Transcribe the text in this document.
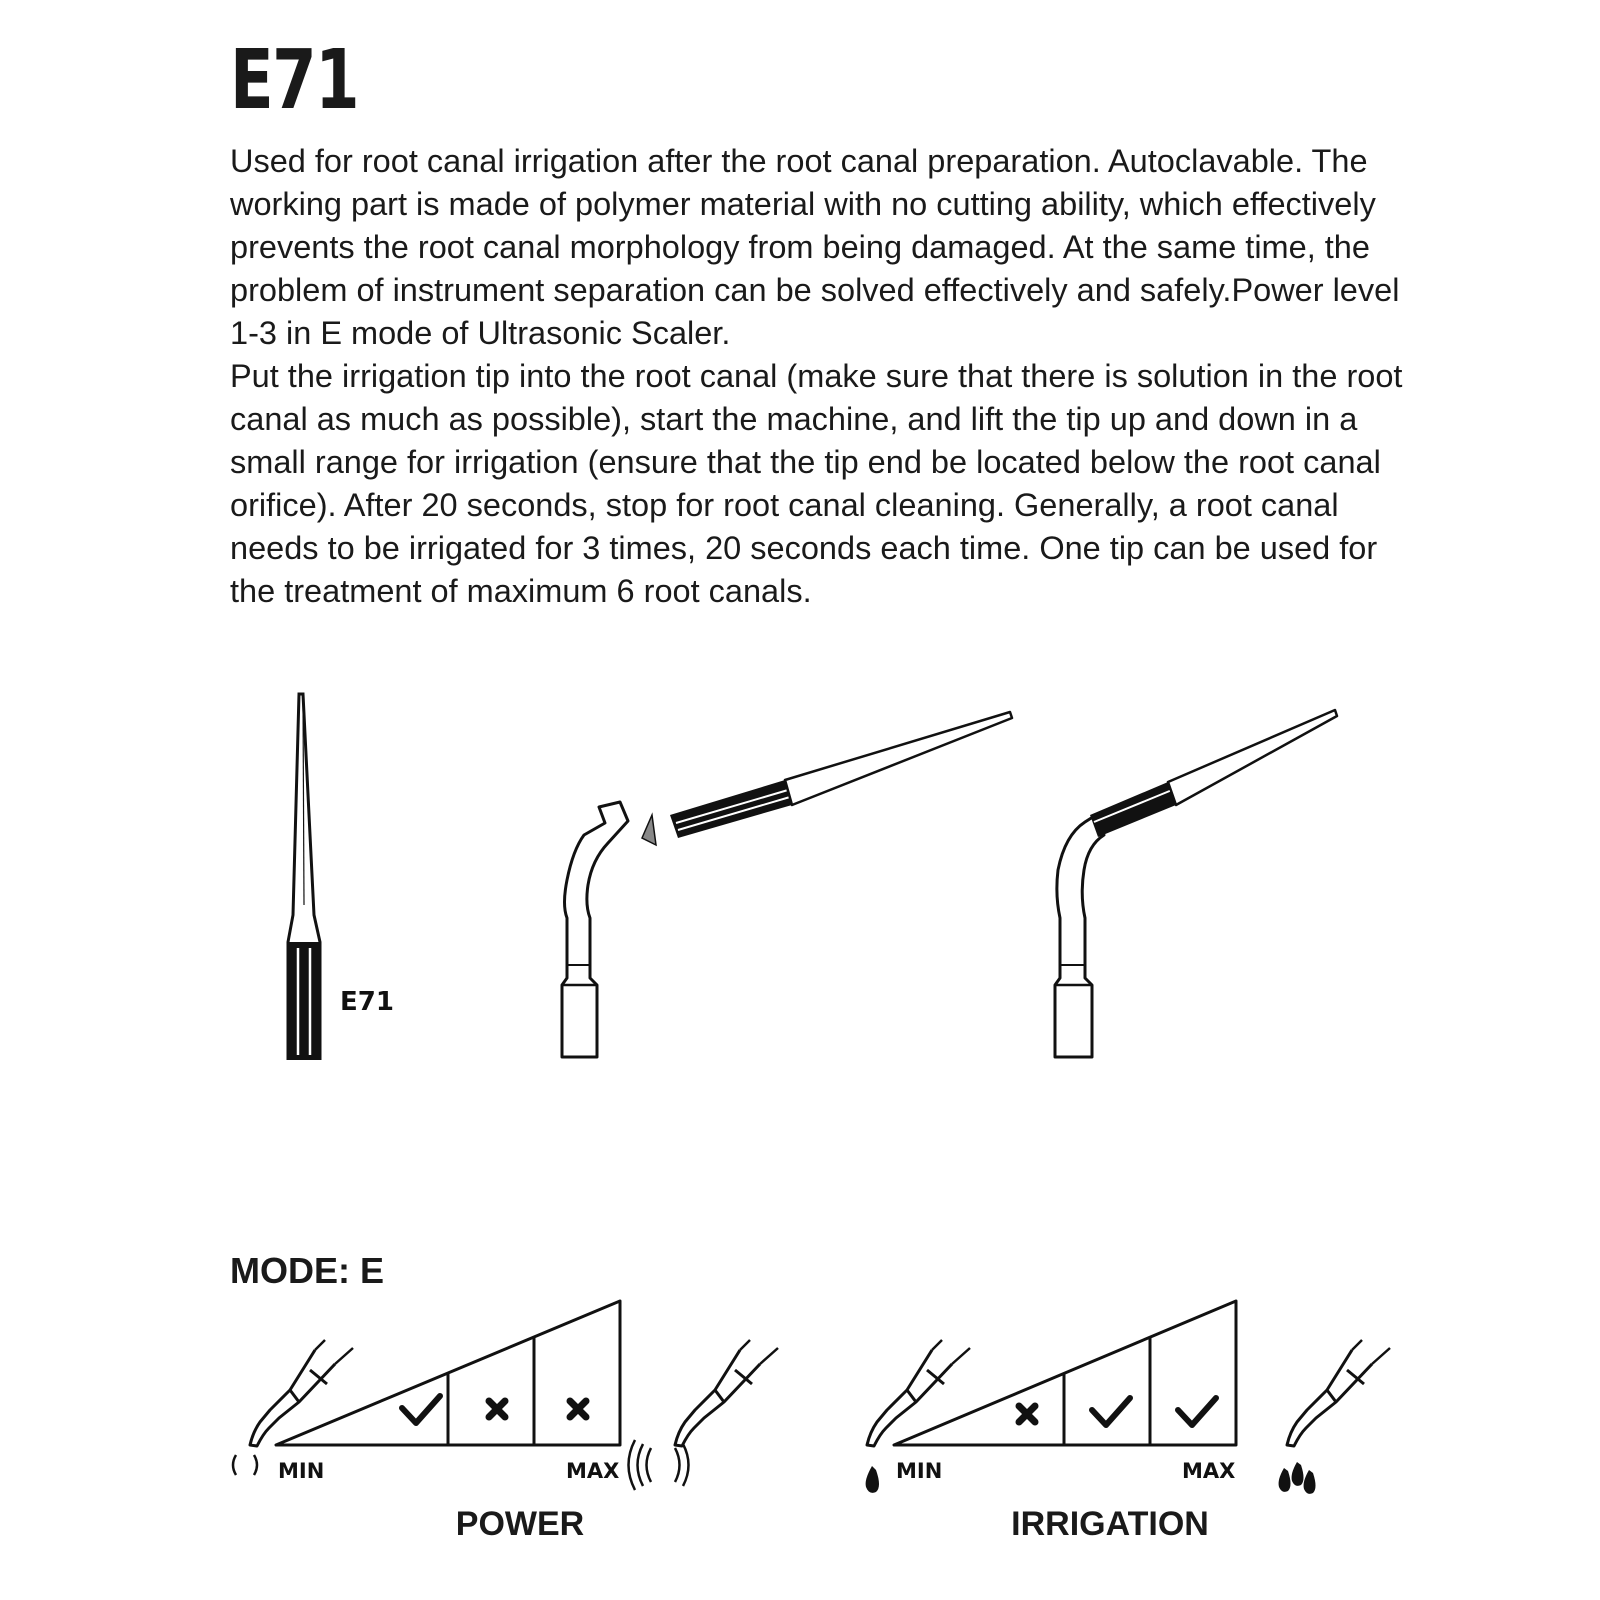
E71

Used for root canal irrigation after the root canal preparation. Autoclavable. The working part is made of polymer material with no cutting ability, which effectively prevents the root canal morphology from being damaged. At the same time, the problem of instrument separation can be solved effectively and safely.Power level 1-3 in E mode of Ultrasonic Scaler.

Put the irrigation tip into the root canal (make sure that there is solution in the root canal as much as possible), start the machine, and lift the tip up and down in a small range for irrigation (ensure that the tip end be located below the root canal orifice). After 20 seconds, stop for root canal cleaning. Generally, a root canal needs to be irrigated for 3 times, 20 seconds each time. One tip can be used for the treatment of maximum 6 root canals.

E71
MODE: E
MIN	MAX	MIN	MAX
POWER	IRRIGATION
